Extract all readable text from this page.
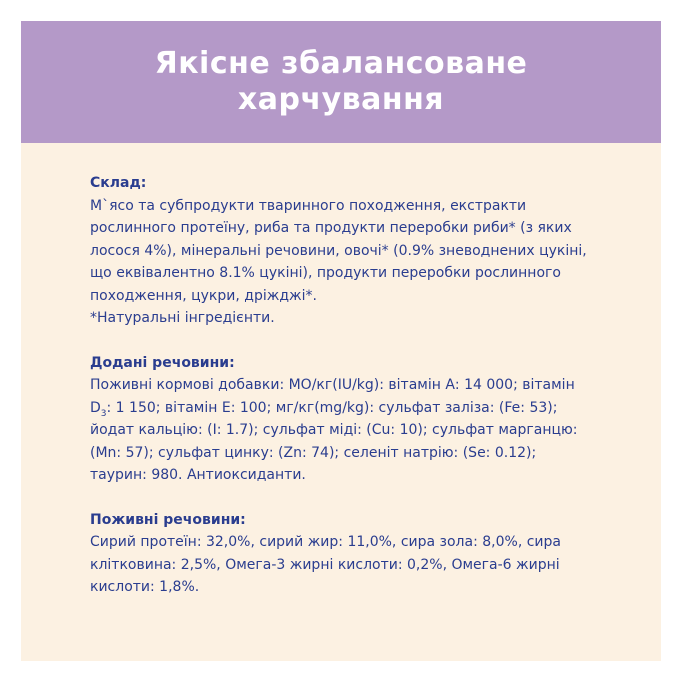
Якісне збалансоване харчування
Склад:

М`ясо та субпродукти тваринного походження, екстракти рослинного протеїну, риба та продукти переробки риби* (з яких лосося 4%), мінеральні речовини, овочі* (0.9% зневоднених цукіні, що еквівалентно 8.1% цукіні), продукти переробки рослинного походження, цукри, дріжджі*.

*Натуральні інгредієнти.

Додані речовини:

Поживні кормові добавки: МО/кг(IU/kg): вітамін А: 14 000; вітамін $D_3$: 1 150; вітамін Е: 100; мг/кг(mg/kg): сульфат заліза: (Fe: 53); йодат кальцію: (I: 1.7); сульфат міді: (Cu: 10); сульфат марганцю: (Mn: 57); сульфат цинку: (Zn: 74); селеніт натрію: (Se: 0.12); таурин: 980. Антиоксиданти.

Поживні речовини:

Сирий протеїн: 32,0%, сирий жир: 11,0%, сира зола: 8,0%, сира клітковина: 2,5%, Омега-3 жирні кислоти: 0,2%, Омега-6 жирні кислоти: 1,8%.
